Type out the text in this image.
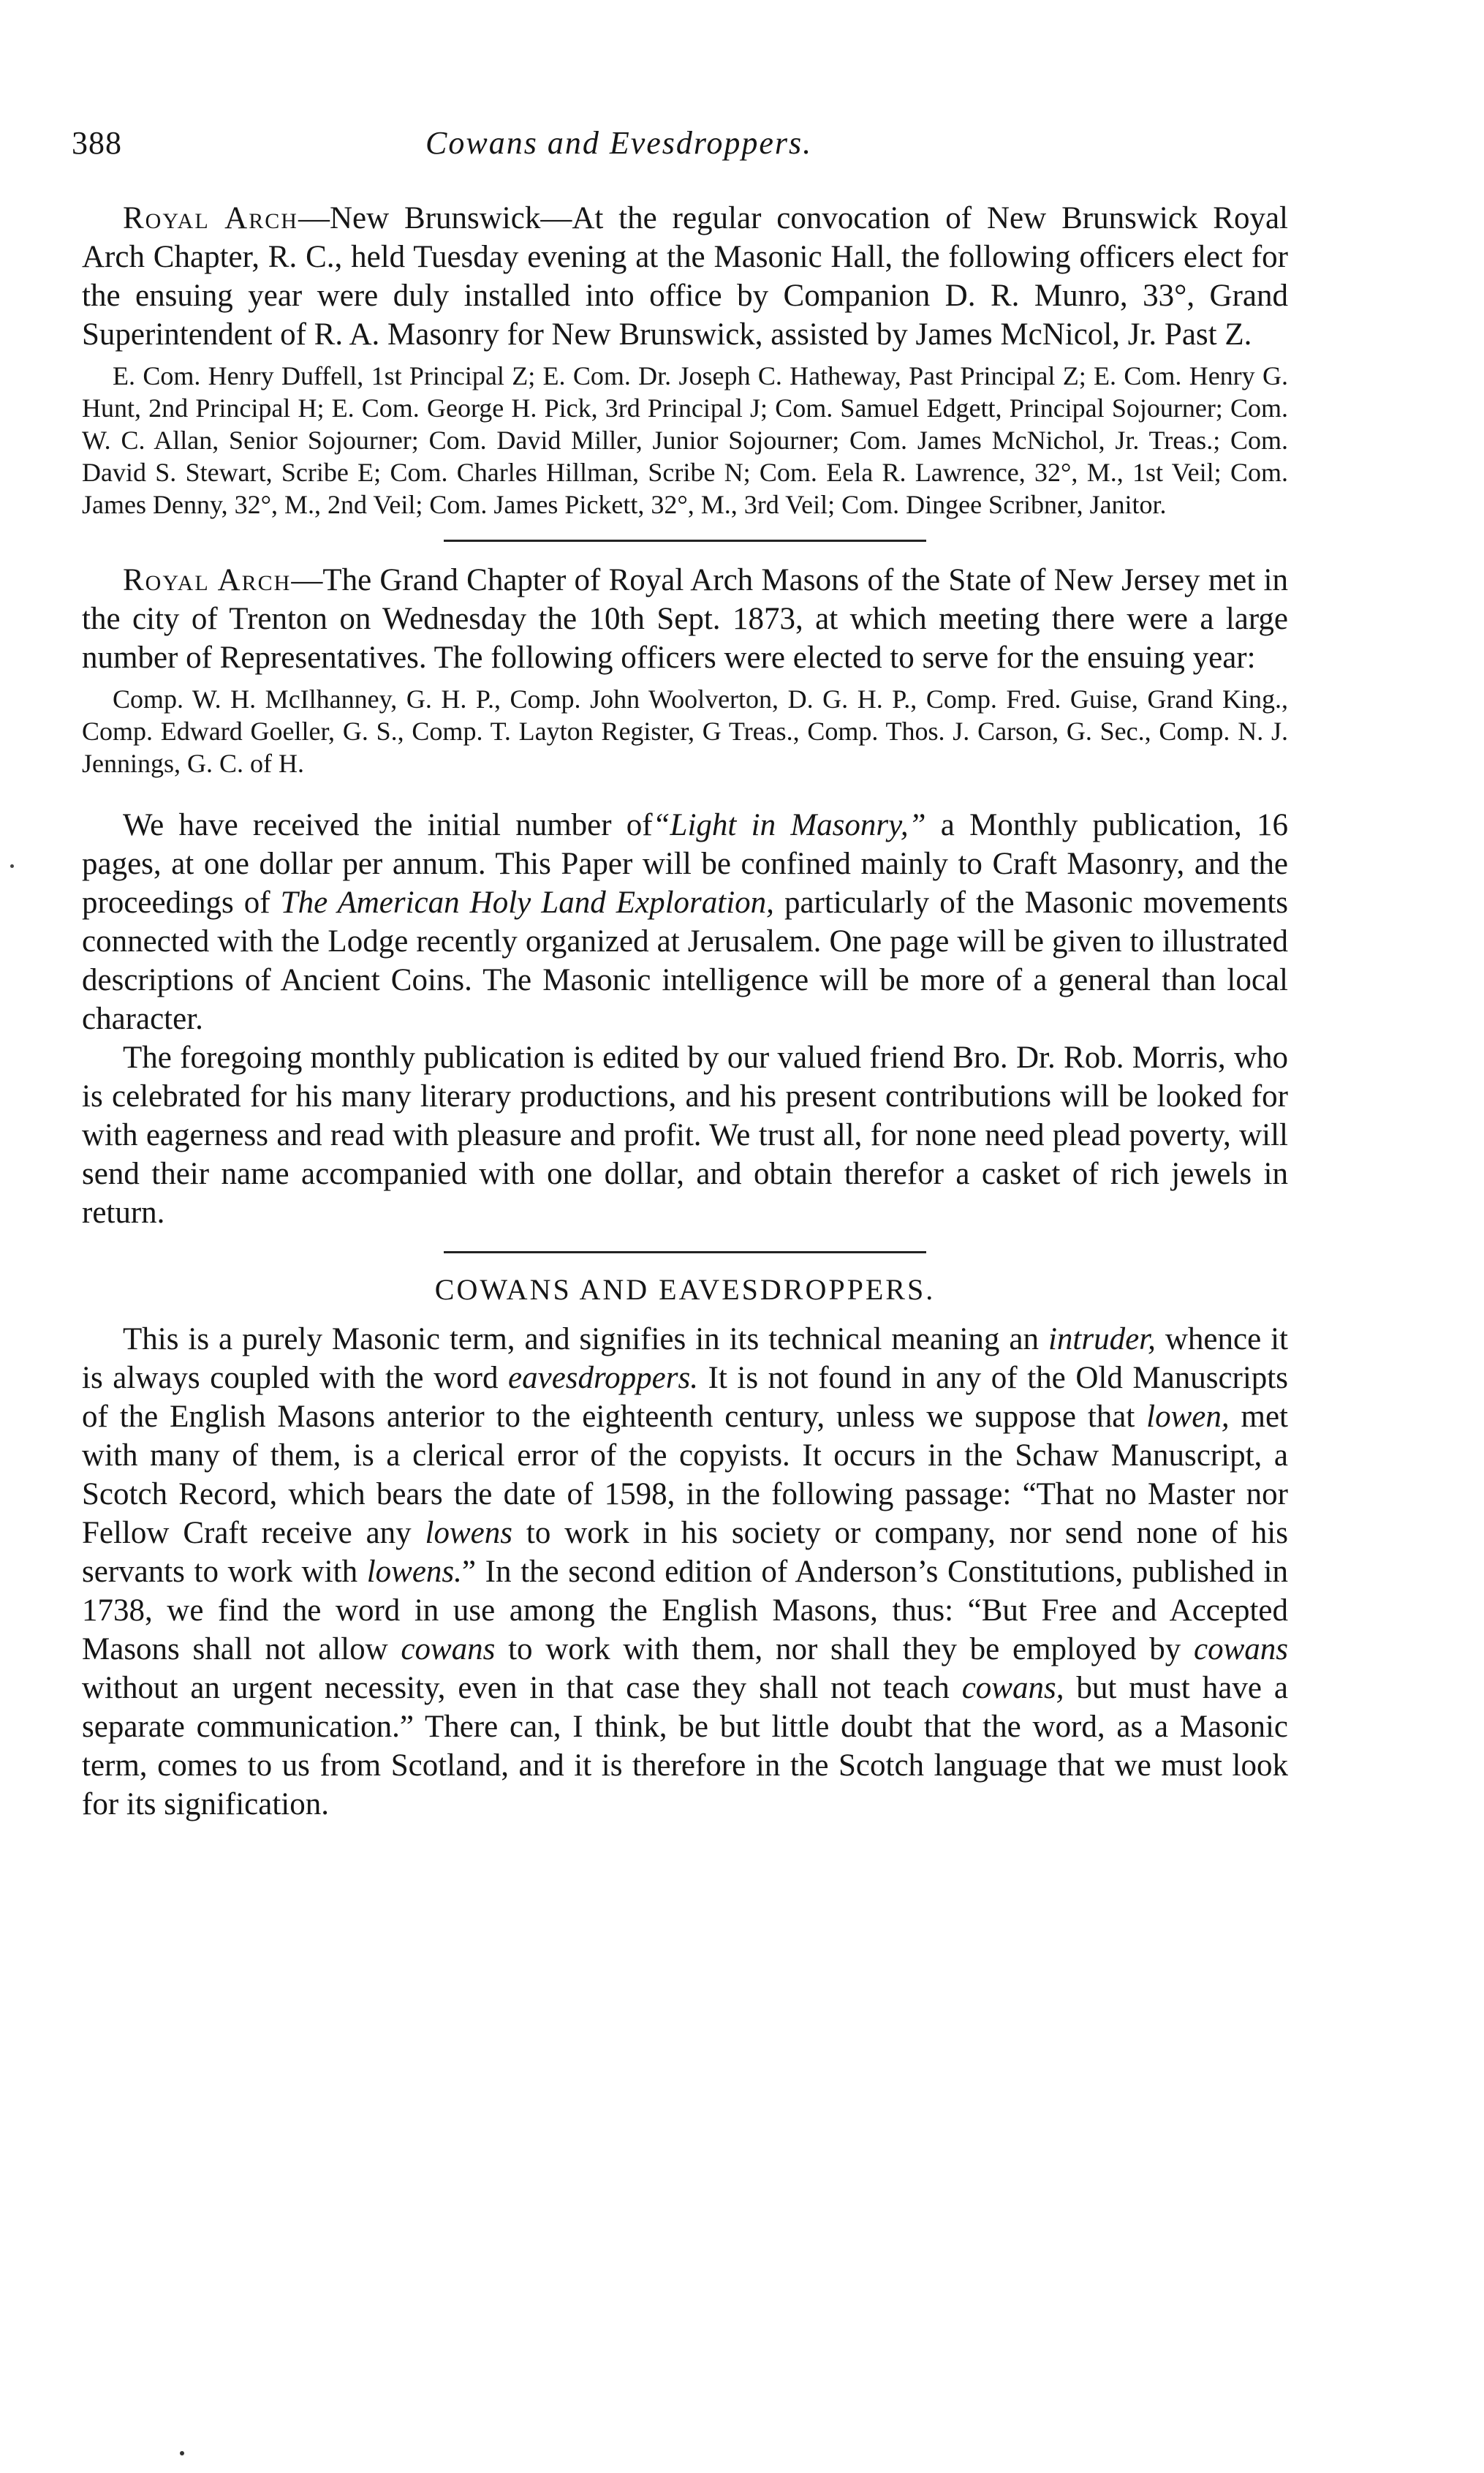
388	Cowans and Evesdroppers.

Royal Arch—New Brunswick—At the regular convocation of New Brunswick Royal Arch Chapter, R. C., held Tuesday evening at the Masonic Hall, the following officers elect for the ensuing year were duly installed into office by Companion D. R. Munro, 33°, Grand Superintendent of R. A. Masonry for New Brunswick, assisted by James McNicol, Jr. Past Z.

E. Com. Henry Duffell, 1st Principal Z; E. Com. Dr. Joseph C. Hatheway, Past Principal Z; E. Com. Henry G. Hunt, 2nd Principal H; E. Com. George H. Pick, 3rd Principal J; Com. Samuel Edgett, Principal Sojourner; Com. W. C. Allan, Senior Sojourner; Com. David Miller, Junior Sojourner; Com. James McNichol, Jr. Treas.; Com. David S. Stewart, Scribe E; Com. Charles Hillman, Scribe N; Com. Eela R. Lawrence, 32°, M., 1st Veil; Com. James Denny, 32°, M., 2nd Veil; Com. James Pickett, 32°, M., 3rd Veil; Com. Dingee Scribner, Janitor.

Royal Arch—The Grand Chapter of Royal Arch Masons of the State of New Jersey met in the city of Trenton on Wednesday the 10th Sept. 1873, at which meeting there were a large number of Representatives. The following officers were elected to serve for the ensuing year:

Comp. W. H. McIlhanney, G. H. P., Comp. John Woolverton, D. G. H. P., Comp. Fred. Guise, Grand King., Comp. Edward Goeller, G. S., Comp. T. Layton Register, G Treas., Comp. Thos. J. Carson, G. Sec., Comp. N. J. Jennings, G. C. of H.

We have received the initial number of“Light in Masonry,” a Monthly publication, 16 pages, at one dollar per annum. This Paper will be confined mainly to Craft Masonry, and the proceedings of The American Holy Land Exploration, particularly of the Masonic movements connected with the Lodge recently organized at Jerusalem. One page will be given to illustrated descriptions of Ancient Coins. The Masonic intelligence will be more of a general than local character.

The foregoing monthly publication is edited by our valued friend Bro. Dr. Rob. Morris, who is celebrated for his many literary productions, and his present contributions will be looked for with eagerness and read with pleasure and profit. We trust all, for none need plead poverty, will send their name accompanied with one dollar, and obtain therefor a casket of rich jewels in return.

COWANS AND EAVESDROPPERS.

This is a purely Masonic term, and signifies in its technical meaning an intruder, whence it is always coupled with the word eavesdroppers. It is not found in any of the Old Manuscripts of the English Masons anterior to the eighteenth century, unless we suppose that lowen, met with many of them, is a clerical error of the copyists. It occurs in the Schaw Manuscript, a Scotch Record, which bears the date of 1598, in the following passage: “That no Master nor Fellow Craft receive any lowens to work in his society or company, nor send none of his servants to work with lowens.” In the second edition of Anderson’s Constitutions, published in 1738, we find the word in use among the English Masons, thus: “But Free and Accepted Masons shall not allow cowans to work with them, nor shall they be employed by cowans without an urgent necessity, even in that case they shall not teach cowans, but must have a separate communication.” There can, I think, be but little doubt that the word, as a Masonic term, comes to us from Scotland, and it is therefore in the Scotch language that we must look for its signification.
